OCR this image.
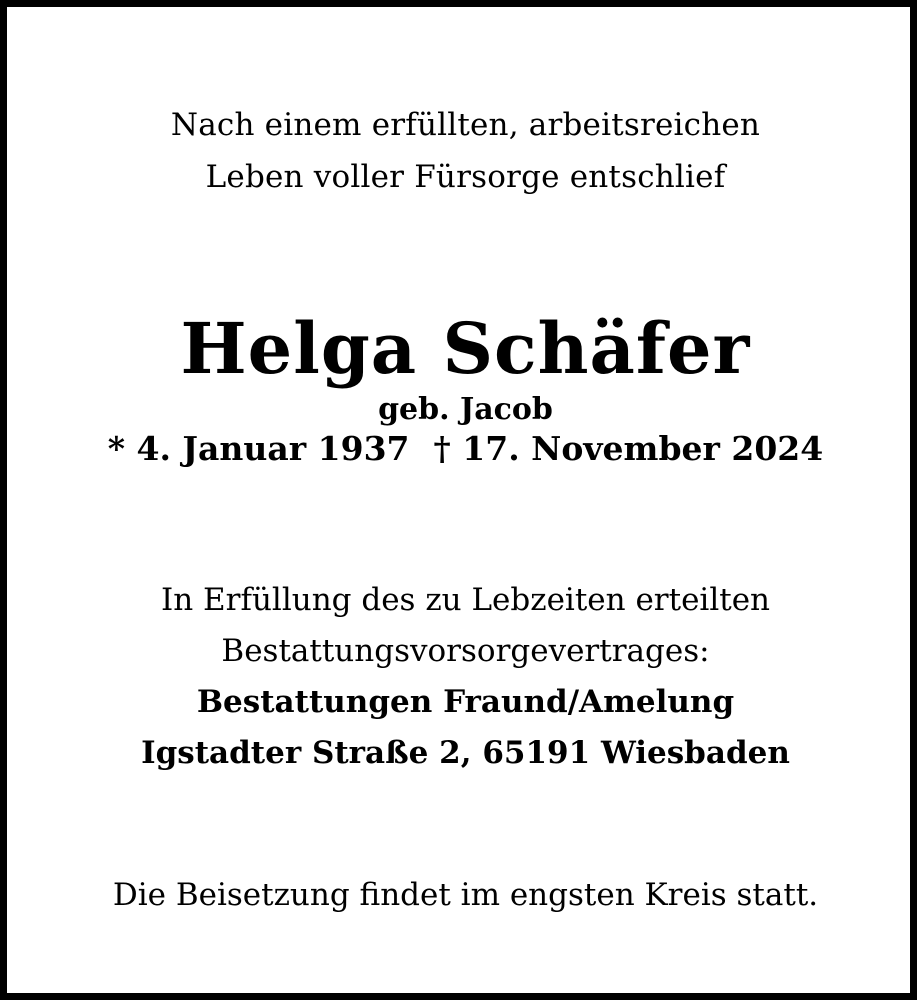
Nach einem erfüllten, arbeitsreichen
Leben voller Fürsorge entschlief
Helga Schäfer
geb. Jacob
* 4. Januar 1937 † 17. November 2024
In Erfüllung des zu Lebzeiten erteilten
Bestattungsvorsorgevertrages:
Bestattungen Fraund/Amelung
Igstadter Straße 2, 65191 Wiesbaden
Die Beisetzung findet im engsten Kreis statt.
